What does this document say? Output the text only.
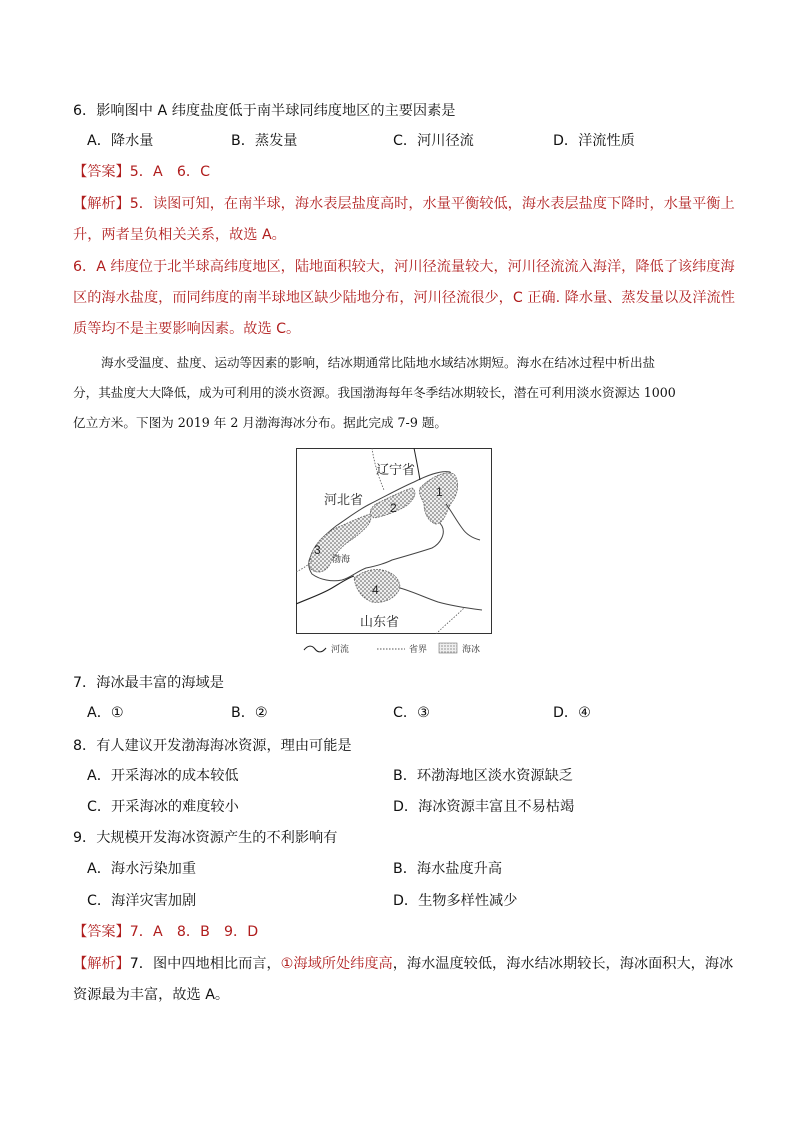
6．影响图中 A 纬度盐度低于南半球同纬度地区的主要因素是
A．降水量	B．蒸发量	C．河川径流	D．洋流性质
【答案】5．A　6．C
【解析】5．读图可知，在南半球，海水表层盐度高时，水量平衡较低，海水表层盐度下降时，水量平衡上
升，两者呈负相关关系，故选 A。
6．A 纬度位于北半球高纬度地区，陆地面积较大，河川径流量较大，河川径流流入海洋，降低了该纬度海
区的海水盐度，而同纬度的南半球地区缺少陆地分布，河川径流很少，C 正确. 降水量、蒸发量以及洋流性
质等均不是主要影响因素。故选 C。
海水受温度、盐度、运动等因素的影响，结冰期通常比陆地水域结冰期短。海水在结冰过程中析出盐
分，其盐度大大降低，成为可利用的淡水资源。我国渤海每年冬季结冰期较长，潜在可利用淡水资源达 1000
亿立方米。下图为 2019 年 2 月渤海海冰分布。据此完成 7-9 题。
辽宁省
河北省
渤海
山东省
1
2
3
4
河流	省界	海冰
7．海冰最丰富的海域是
A．①	B．②	C．③	D．④
8．有人建议开发渤海海冰资源，理由可能是
A．开采海冰的成本较低	B．环渤海地区淡水资源缺乏
C．开采海冰的难度较小	D．海冰资源丰富且不易枯竭
9．大规模开发海冰资源产生的不利影响有
A．海水污染加重	B．海水盐度升高
C．海洋灾害加剧	D．生物多样性减少
【答案】7．A　8．B　9．D
【解析】7．图中四地相比而言，①海域所处纬度高，海水温度较低，海水结冰期较长，海冰面积大，海冰
资源最为丰富，故选 A。
